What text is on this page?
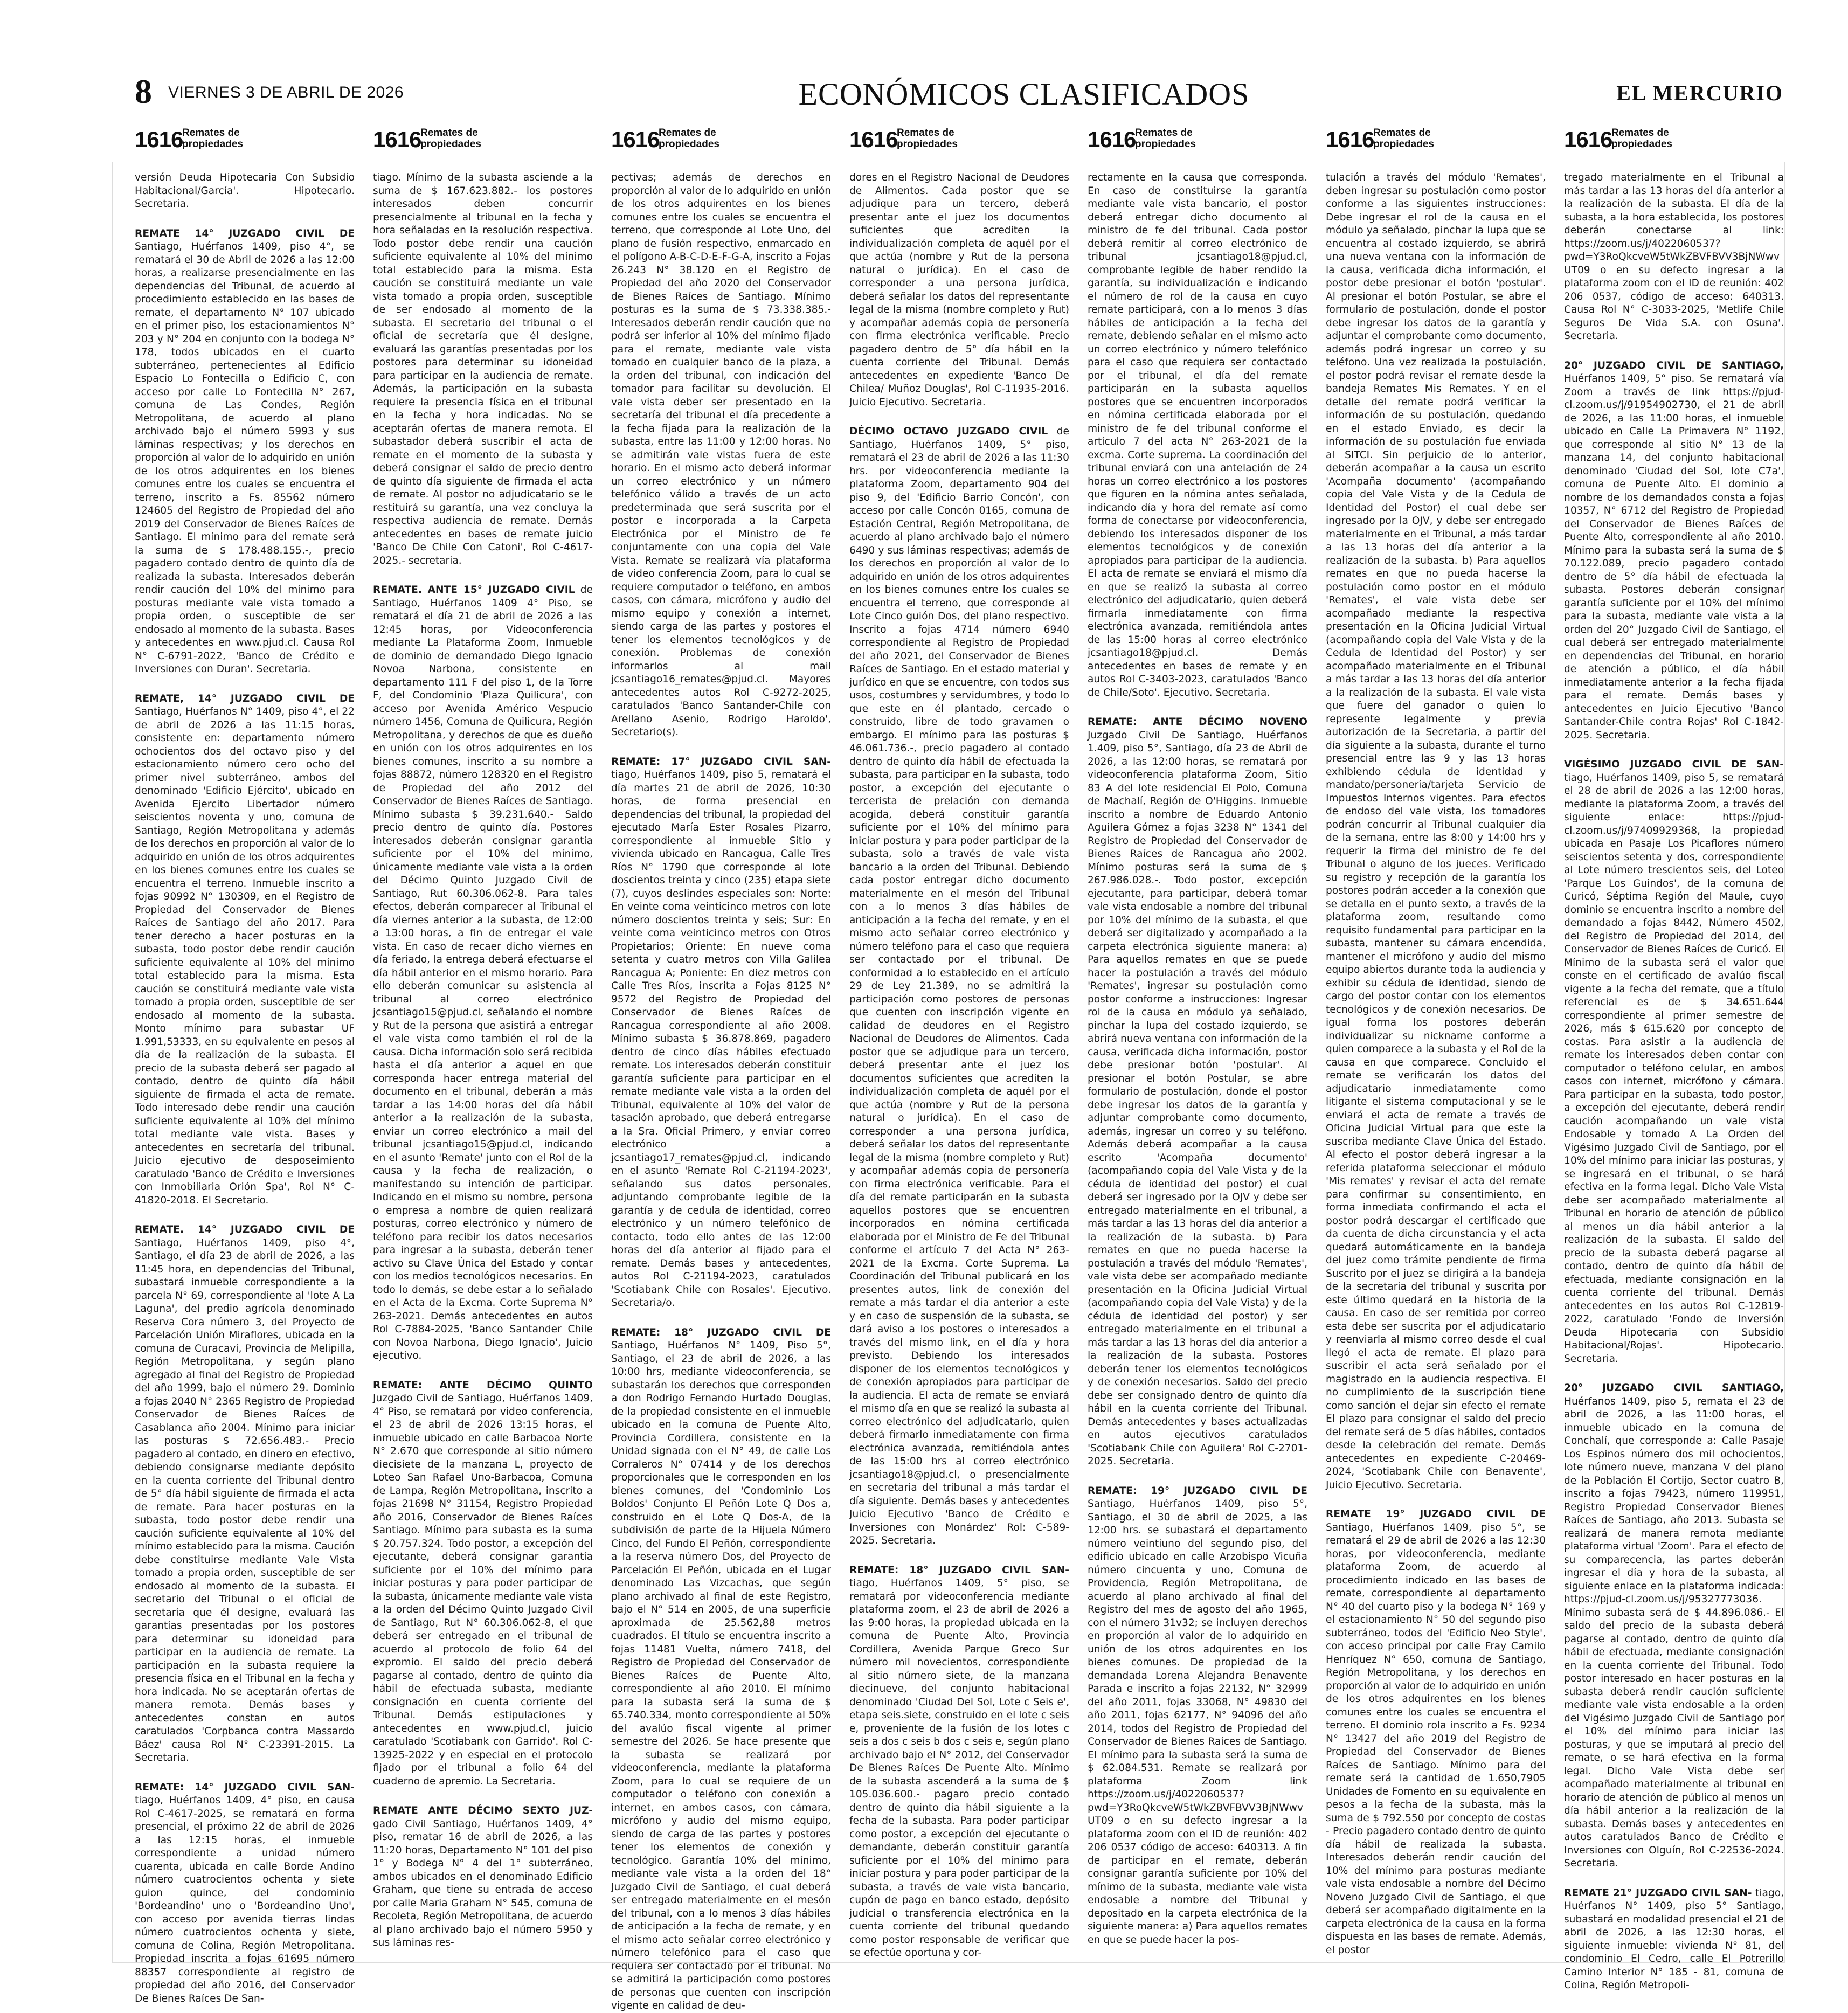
8 VIERNES 3 DE ABRIL DE 2026	ECONÓMICOS CLASIFICADOS	EL MERCURIO
1616
Remates de
propiedades	1616
Remates de
propiedades	1616
Remates de
propiedades	1616
Remates de
propiedades	1616
Remates de
propiedades	1616
Remates de
propiedades	1616
Remates de
propiedades

versión Deuda Hipotecaria Con Subsidio Habitacional/García'. Hipotecario. Secretaria.

REMATE 14° JUZGADO CIVIL DE Santiago, Huérfanos 1409, piso 4°, se rematará el 30 de Abril de 2026 a las 12:00 horas, a realizarse presencialmente en las dependencias del Tribunal, de acuerdo al procedimiento establecido en las bases de remate, el departamento N° 107 ubicado en el primer piso, los estacionamientos N° 203 y N° 204 en conjunto con la bodega N° 178, todos ubicados en el cuarto subterráneo, pertenecientes al Edificio Espacio Lo Fontecilla o Edificio C, con acceso por calle Lo Fontecilla N° 267, comuna de Las Condes, Región Metropolitana, de acuerdo al plano archivado bajo el número 5993 y sus láminas respectivas; y los derechos en proporción al valor de lo adquirido en unión de los otros adquirentes en los bienes comunes entre los cuales se encuentra el terreno, inscrito a Fs. 85562 número 124605 del Registro de Propiedad del año 2019 del Conservador de Bienes Raíces de Santiago. El mínimo para del remate será la suma de $ 178.488.155.-, precio pagadero contado dentro de quinto día de realizada la subasta. Interesados deberán rendir caución del 10% del mínimo para posturas mediante vale vista tomado a propia orden, o susceptible de ser endosado al momento de la subasta. Bases y antecedentes en www.pjud.cl. Causa Rol N° C-6791-2022, 'Banco de Crédito e Inversiones con Duran'. Secretaria.

REMATE, 14° JUZGADO CIVIL DE Santiago, Huérfanos N° 1409, piso 4°, el 22 de abril de 2026 a las 11:15 horas, consistente en: departamento número ochocientos dos del octavo piso y del estacionamiento número cero ocho del primer nivel subterráneo, ambos del denominado 'Edificio Ejército', ubicado en Avenida Ejercito Libertador número seiscientos noventa y uno, comuna de Santiago, Región Metropolitana y además de los derechos en proporción al valor de lo adquirido en unión de los otros adquirentes en los bienes comunes entre los cuales se encuentra el terreno. Inmueble inscrito a fojas 90992 N° 130309, en el Registro de Propiedad del Conservador de Bienes Raíces de Santiago del año 2017. Para tener derecho a hacer posturas en la subasta, todo postor debe rendir caución suficiente equivalente al 10% del mínimo total establecido para la misma. Esta caución se constituirá mediante vale vista tomado a propia orden, susceptible de ser endosado al momento de la subasta. Monto mínimo para subastar UF 1.991,53333, en su equivalente en pesos al día de la realización de la subasta. El precio de la subasta deberá ser pagado al contado, dentro de quinto día hábil siguiente de firmada el acta de remate. Todo interesado debe rendir una caución suficiente equivalente al 10% del mínimo total mediante vale vista. Bases y antecedentes en secretaría del tribunal. Juicio ejecutivo de desposeimiento caratulado 'Banco de Crédito e Inversiones con Inmobiliaria Orión Spa', Rol N° C-41820-2018. El Secretario.

REMATE. 14° JUZGADO CIVIL DE Santiago, Huérfanos 1409, piso 4°, Santiago, el día 23 de abril de 2026, a las 11:45 hora, en dependencias del Tribunal, subastará inmueble correspondiente a la parcela N° 69, correspondiente al 'lote A La Laguna', del predio agrícola denominado Reserva Cora número 3, del Proyecto de Parcelación Unión Miraflores, ubicada en la comuna de Curacaví, Provincia de Melipilla, Región Metropolitana, y según plano agregado al final del Registro de Propiedad del año 1999, bajo el número 29. Dominio a fojas 2040 N° 2365 Registro de Propiedad Conservador de Bienes Raíces de Casablanca año 2004. Mínimo para iniciar las posturas $ 72.656.483.- Precio pagadero al contado, en dinero en efectivo, debiendo consignarse mediante depósito en la cuenta corriente del Tribunal dentro de 5° día hábil siguiente de firmada el acta de remate. Para hacer posturas en la subasta, todo postor debe rendir una caución suficiente equivalente al 10% del mínimo establecido para la misma. Caución debe constituirse mediante Vale Vista tomado a propia orden, susceptible de ser endosado al momento de la subasta. El secretario del Tribunal o el oficial de secretaría que él designe, evaluará las garantías presentadas por los postores para determinar su idoneidad para participar en la audiencia de remate. La participación en la subasta requiere la presencia física en el Tribunal en la fecha y hora indicada. No se aceptarán ofertas de manera remota. Demás bases y antecedentes constan en autos caratulados 'Corpbanca contra Massardo Báez' causa Rol N° C-23391-2015. La Secretaria.

REMATE: 14° JUZGADO CIVIL SAN- tiago, Huérfanos 1409, 4° piso, en causa Rol C-4617-2025, se rematará en forma presencial, el próximo 22 de abril de 2026 a las 12:15 horas, el inmueble correspondiente a unidad número cuarenta, ubicada en calle Borde Andino número cuatrocientos ochenta y siete guion quince, del condominio 'Bordeandino' uno o 'Bordeandino Uno', con acceso por avenida tierras lindas número cuatrocientos ochenta y siete, comuna de Colina, Región Metropolitana. Propiedad inscrita a fojas 61695 número 88357 correspondiente al registro de propiedad del año 2016, del Conservador De Bienes Raíces De San-

tiago. Mínimo de la subasta asciende a la suma de $ 167.623.882.- los postores interesados deben concurrir presencialmente al tribunal en la fecha y hora señaladas en la resolución respectiva. Todo postor debe rendir una caución suficiente equivalente al 10% del mínimo total establecido para la misma. Esta caución se constituirá mediante un vale vista tomado a propia orden, susceptible de ser endosado al momento de la subasta. El secretario del tribunal o el oficial de secretaría que él designe, evaluará las garantías presentadas por los postores para determinar su idoneidad para participar en la audiencia de remate. Además, la participación en la subasta requiere la presencia física en el tribunal en la fecha y hora indicadas. No se aceptarán ofertas de manera remota. El subastador deberá suscribir el acta de remate en el momento de la subasta y deberá consignar el saldo de precio dentro de quinto día siguiente de firmada el acta de remate. Al postor no adjudicatario se le restituirá su garantía, una vez concluya la respectiva audiencia de remate. Demás antecedentes en bases de remate juicio 'Banco De Chile Con Catoni', Rol C-4617-2025.- secretaria.

REMATE. ANTE 15° JUZGADO CIVIL de Santiago, Huérfanos 1409 4° Piso, se rematará el día 21 de abril de 2026 a las 12:45 horas, por Videoconferencia mediante La Plataforma Zoom, Inmueble de dominio de demandado Diego Ignacio Novoa Narbona, consistente en departamento 111 F del piso 1, de la Torre F, del Condominio 'Plaza Quilicura', con acceso por Avenida Américo Vespucio número 1456, Comuna de Quilicura, Región Metropolitana, y derechos de que es dueño en unión con los otros adquirentes en los bienes comunes, inscrito a su nombre a fojas 88872, número 128320 en el Registro de Propiedad del año 2012 del Conservador de Bienes Raíces de Santiago. Mínimo subasta $ 39.231.640.- Saldo precio dentro de quinto día. Postores interesados deberán consignar garantía suficiente por el 10% del mínimo, únicamente mediante vale vista a la orden del Décimo Quinto Juzgado Civil de Santiago, Rut 60.306.062-8. Para tales efectos, deberán comparecer al Tribunal el día viernes anterior a la subasta, de 12:00 a 13:00 horas, a fin de entregar el vale vista. En caso de recaer dicho viernes en día feriado, la entrega deberá efectuarse el día hábil anterior en el mismo horario. Para ello deberán comunicar su asistencia al tribunal al correo electrónico jcsantiago15@pjud.cl, señalando el nombre y Rut de la persona que asistirá a entregar el vale vista como también el rol de la causa. Dicha información solo será recibida hasta el día anterior a aquel en que corresponda hacer entrega material del documento en el tribunal, deberán a más tardar a las 14:00 horas del día hábil anterior a la realización de la subasta, enviar un correo electrónico a mail del tribunal jcsantiago15@pjud.cl, indicando en el asunto 'Remate' junto con el Rol de la causa y la fecha de realización, o manifestando su intención de participar. Indicando en el mismo su nombre, persona o empresa a nombre de quien realizará posturas, correo electrónico y número de teléfono para recibir los datos necesarios para ingresar a la subasta, deberán tener activo su Clave Única del Estado y contar con los medios tecnológicos necesarios. En todo lo demás, se debe estar a lo señalado en el Acta de la Excma. Corte Suprema N° 263-2021. Demás antecedentes en autos Rol C-7884-2025, 'Banco Santander Chile con Novoa Narbona, Diego Ignacio', Juicio ejecutivo.

REMATE: ANTE DÉCIMO QUINTO Juzgado Civil de Santiago, Huérfanos 1409, 4° Piso, se rematará por video conferencia, el 23 de abril de 2026 13:15 horas, el inmueble ubicado en calle Barbacoa Norte N° 2.670 que corresponde al sitio número diecisiete de la manzana L, proyecto de Loteo San Rafael Uno-Barbacoa, Comuna de Lampa, Región Metropolitana, inscrito a fojas 21698 N° 31154, Registro Propiedad año 2016, Conservador de Bienes Raíces Santiago. Mínimo para subasta es la suma $ 20.757.324. Todo postor, a excepción del ejecutante, deberá consignar garantía suficiente por el 10% del mínimo para iniciar posturas y para poder participar de la subasta, únicamente mediante vale vista a la orden del Décimo Quinto Juzgado Civil de Santiago, Rut N° 60.306.062-8, el que deberá ser entregado en el tribunal de acuerdo al protocolo de folio 64 del expromio. El saldo del precio deberá pagarse al contado, dentro de quinto día hábil de efectuada subasta, mediante consignación en cuenta corriente del Tribunal. Demás estipulaciones y antecedentes en www.pjud.cl, juicio caratulado 'Scotiabank con Garrido'. Rol C-13925-2022 y en especial en el protocolo fijado por el tribunal a folio 64 del cuaderno de apremio. La Secretaria.

REMATE ANTE DÉCIMO SEXTO JUZ- gado Civil Santiago, Huérfanos 1409, 4° piso, rematar 16 de abril de 2026, a las 11:20 horas, Departamento N° 101 del piso 1° y Bodega N° 4 del 1° subterráneo, ambos ubicados en el denominado Edificio Graham, que tiene su entrada de acceso por calle Maria Graham N° 545, comuna de Recoleta, Región Metropolitana, de acuerdo al plano archivado bajo el número 5950 y sus láminas res-

pectivas; además de derechos en proporción al valor de lo adquirido en unión de los otros adquirentes en los bienes comunes entre los cuales se encuentra el terreno, que corresponde al Lote Uno, del plano de fusión respectivo, enmarcado en el polígono A-B-C-D-E-F-G-A, inscrito a Fojas 26.243 N° 38.120 en el Registro de Propiedad del año 2020 del Conservador de Bienes Raíces de Santiago. Mínimo posturas es la suma de $ 73.338.385.- Interesados deberán rendir caución que no podrá ser inferior al 10% del mínimo fijado para el remate, mediante vale vista tomado en cualquier banco de la plaza, a la orden del tribunal, con indicación del tomador para facilitar su devolución. El vale vista deber ser presentado en la secretaría del tribunal el día precedente a la fecha fijada para la realización de la subasta, entre las 11:00 y 12:00 horas. No se admitirán vale vistas fuera de este horario. En el mismo acto deberá informar un correo electrónico y un número telefónico válido a través de un acto predeterminada que será suscrita por el postor e incorporada a la Carpeta Electrónica por el Ministro de fe conjuntamente con una copia del Vale Vista. Remate se realizará vía plataforma de video conferencia Zoom, para lo cual se requiere computador o teléfono, en ambos casos, con cámara, micrófono y audio del mismo equipo y conexión a internet, siendo carga de las partes y postores el tener los elementos tecnológicos y de conexión. Problemas de conexión informarlos al mail jcsantiago16_remates@pjud.cl. Mayores antecedentes autos Rol C-9272-2025, caratulados 'Banco Santander-Chile con Arellano Asenio, Rodrigo Haroldo', Secretario(s).

REMATE: 17° JUZGADO CIVIL SAN- tiago, Huérfanos 1409, piso 5, rematará el día martes 21 de abril de 2026, 10:30 horas, de forma presencial en dependencias del tribunal, la propiedad del ejecutado María Ester Rosales Pizarro, correspondiente al inmueble Sitio y vivienda ubicado en Rancagua, Calle Tres Ríos N° 1790 que corresponde al lote doscientos treinta y cinco (235) etapa siete (7), cuyos deslindes especiales son: Norte: En veinte coma veinticinco metros con lote número doscientos treinta y seis; Sur: En veinte coma veinticinco metros con Otros Propietarios; Oriente: En nueve coma setenta y cuatro metros con Villa Galilea Rancagua A; Poniente: En diez metros con Calle Tres Ríos, inscrita a Fojas 8125 N° 9572 del Registro de Propiedad del Conservador de Bienes Raíces de Rancagua correspondiente al año 2008. Mínimo subasta $ 36.878.869, pagadero dentro de cinco días hábiles efectuado remate. Los interesados deberán constituir garantía suficiente para participar en el remate mediante vale vista a la orden del Tribunal, equivalente al 10% del valor de tasación aprobado, que deberá entregarse a la Sra. Oficial Primero, y enviar correo electrónico a jcsantiago17_remates@pjud.cl, indicando en el asunto 'Remate Rol C-21194-2023', señalando sus datos personales, adjuntando comprobante legible de la garantía y de cedula de identidad, correo electrónico y un número telefónico de contacto, todo ello antes de las 12:00 horas del día anterior al fijado para el remate. Demás bases y antecedentes, autos Rol C-21194-2023, caratulados 'Scotiabank Chile con Rosales'. Ejecutivo. Secretaria/o.

REMATE: 18° JUZGADO CIVIL DE Santiago, Huérfanos N° 1409, Piso 5°, Santiago, el 23 de abril de 2026, a las 10:00 hrs, mediante videoconferencia, se subastarán los derechos que corresponden a don Rodrigo Fernando Hurtado Douglas, de la propiedad consistente en el inmueble ubicado en la comuna de Puente Alto, Provincia Cordillera, consistente en la Unidad signada con el N° 49, de calle Los Corraleros N° 07414 y de los derechos proporcionales que le corresponden en los bienes comunes, del 'Condominio Los Boldos' Conjunto El Peñón Lote Q Dos a, construido en el Lote Q Dos-A, de la subdivisión de parte de la Hijuela Número Cinco, del Fundo El Peñón, correspondiente a la reserva número Dos, del Proyecto de Parcelación El Peñón, ubicada en el Lugar denominado Las Vizcachas, que según plano archivado al final de este Registro, bajo el N° 514 en 2005, de una superficie aproximada de 25.562,88 metros cuadrados. El título se encuentra inscrito a fojas 11481 Vuelta, número 7418, del Registro de Propiedad del Conservador de Bienes Raíces de Puente Alto, correspondiente al año 2010. El mínimo para la subasta será la suma de $ 65.740.334, monto correspondiente al 50% del avalúo fiscal vigente al primer semestre del 2026. Se hace presente que la subasta se realizará por videoconferencia, mediante la plataforma Zoom, para lo cual se requiere de un computador o teléfono con conexión a internet, en ambos casos, con cámara, micrófono y audio del mismo equipo, siendo de carga de las partes y postores tener los elementos de conexión y tecnológico. Garantía 10% del mínimo, mediante vale vista a la orden del 18° Juzgado Civil de Santiago, el cual deberá ser entregado materialmente en el mesón del tribunal, con a lo menos 3 días hábiles de anticipación a la fecha de remate, y en el mismo acto señalar correo electrónico y número telefónico para el caso que requiera ser contactado por el tribunal. No se admitirá la participación como postores de personas que cuenten con inscripción vigente en calidad de deu-

dores en el Registro Nacional de Deudores de Alimentos. Cada postor que se adjudique para un tercero, deberá presentar ante el juez los documentos suficientes que acrediten la individualización completa de aquél por el que actúa (nombre y Rut de la persona natural o jurídica). En el caso de corresponder a una persona jurídica, deberá señalar los datos del representante legal de la misma (nombre completo y Rut) y acompañar además copia de personería con firma electrónica verificable. Precio pagadero dentro de 5° día hábil en la cuenta corriente del Tribunal. Demás antecedentes en expediente 'Banco De Chilea/ Muñoz Douglas', Rol C-11935-2016. Juicio Ejecutivo. Secretaria.

DÉCIMO OCTAVO JUZGADO CIVIL de Santiago, Huérfanos 1409, 5° piso, rematará el 23 de abril de 2026 a las 11:30 hrs. por videoconferencia mediante la plataforma Zoom, departamento 904 del piso 9, del 'Edificio Barrio Concón', con acceso por calle Concón 0165, comuna de Estación Central, Región Metropolitana, de acuerdo al plano archivado bajo el número 6490 y sus láminas respectivas; además de los derechos en proporción al valor de lo adquirido en unión de los otros adquirentes en los bienes comunes entre los cuales se encuentra el terreno, que corresponde al Lote Cinco guión Dos, del plano respectivo. Inscrito a fojas 4714 número 6940 correspondiente al Registro de Propiedad del año 2021, del Conservador de Bienes Raíces de Santiago. En el estado material y jurídico en que se encuentre, con todos sus usos, costumbres y servidumbres, y todo lo que este en él plantado, cercado o construido, libre de todo gravamen o embargo. El mínimo para las posturas $ 46.061.736.-, precio pagadero al contado dentro de quinto día hábil de efectuada la subasta, para participar en la subasta, todo postor, a excepción del ejecutante o tercerista de prelación con demanda acogida, deberá constituir garantía suficiente por el 10% del mínimo para iniciar postura y para poder participar de la subasta, solo a través de vale vista bancario a la orden del Tribunal. Debiendo cada postor entregar dicho documento materialmente en el mesón del Tribunal con a lo menos 3 días hábiles de anticipación a la fecha del remate, y en el mismo acto señalar correo electrónico y número teléfono para el caso que requiera ser contactado por el tribunal. De conformidad a lo establecido en el artículo 29 de Ley 21.389, no se admitirá la participación como postores de personas que cuenten con inscripción vigente en calidad de deudores en el Registro Nacional de Deudores de Alimentos. Cada postor que se adjudique para un tercero, deberá presentar ante el juez los documentos suficientes que acrediten la individualización completa de aquél por el que actúa (nombre y Rut de la persona natural o jurídica). En el caso de corresponder a una persona jurídica, deberá señalar los datos del representante legal de la misma (nombre completo y Rut) y acompañar además copia de personería con firma electrónica verificable. Para el día del remate participarán en la subasta aquellos postores que se encuentren incorporados en nómina certificada elaborada por el Ministro de Fe del Tribunal conforme el artículo 7 del Acta N° 263-2021 de la Excma. Corte Suprema. La Coordinación del Tribunal publicará en los presentes autos, link de conexión del remate a más tardar el día anterior a este y en caso de suspensión de la subasta, se dará aviso a los postores o interesados a través del mismo link, en el día y hora previsto. Debiendo los interesados disponer de los elementos tecnológicos y de conexión apropiados para participar de la audiencia. El acta de remate se enviará el mismo día en que se realizó la subasta al correo electrónico del adjudicatario, quien deberá firmarlo inmediatamente con firma electrónica avanzada, remitiéndola antes de las 15:00 hrs al correo electrónico jcsantiago18@pjud.cl, o presencialmente en secretaria del tribunal a más tardar el día siguiente. Demás bases y antecedentes Juicio Ejecutivo 'Banco de Crédito e Inversiones con Monárdez' Rol: C-589-2025. Secretaria.

REMATE: 18° JUZGADO CIVIL SAN- tiago, Huérfanos 1409, 5° piso, se rematará por videoconferencia mediante plataforma zoom, el 23 de abril de 2026 a las 9:00 horas, la propiedad ubicada en la comuna de Puente Alto, Provincia Cordillera, Avenida Parque Greco Sur número mil novecientos, correspondiente al sitio número siete, de la manzana diecinueve, del conjunto habitacional denominado 'Ciudad Del Sol, Lote c Seis e', etapa seis.siete, construido en el lote c seis e, proveniente de la fusión de los lotes c seis a dos c seis b dos c seis e, según plano archivado bajo el N° 2012, del Conservador De Bienes Raíces De Puente Alto. Mínimo de la subasta ascenderá a la suma de $ 105.036.600.- pagaro precio contado dentro de quinto día hábil siguiente a la fecha de la subasta. Para poder participar como postor, a excepción del ejecutante o demandante, deberán constituir garantía suficiente por el 10% del mínimo para iniciar postura y para poder participar de la subasta, a través de vale vista bancario, cupón de pago en banco estado, depósito judicial o transferencia electrónica en la cuenta corriente del tribunal quedando como postor responsable de verificar que se efectúe oportuna y cor-

rectamente en la causa que corresponda. En caso de constituirse la garantía mediante vale vista bancario, el postor deberá entregar dicho documento al ministro de fe del tribunal. Cada postor deberá remitir al correo electrónico de tribunal jcsantiago18@pjud.cl, comprobante legible de haber rendido la garantía, su individualización e indicando el número de rol de la causa en cuyo remate participará, con a lo menos 3 días hábiles de anticipación a la fecha del remate, debiendo señalar en el mismo acto un correo electrónico y número telefónico para el caso que requiera ser contactado por el tribunal, el día del remate participarán en la subasta aquellos postores que se encuentren incorporados en nómina certificada elaborada por el ministro de fe del tribunal conforme el artículo 7 del acta N° 263-2021 de la excma. Corte suprema. La coordinación del tribunal enviará con una antelación de 24 horas un correo electrónico a los postores que figuren en la nómina antes señalada, indicando día y hora del remate así como forma de conectarse por videoconferencia, debiendo los interesados disponer de los elementos tecnológicos y de conexión apropiados para participar de la audiencia. El acta de remate se enviará el mismo día en que se realizó la subasta al correo electrónico del adjudicatario, quien deberá firmarla inmediatamente con firma electrónica avanzada, remitiéndola antes de las 15:00 horas al correo electrónico jcsantiago18@pjud.cl. Demás antecedentes en bases de remate y en autos Rol C-3403-2023, caratulados 'Banco de Chile/Soto'. Ejecutivo. Secretaria.

REMATE: ANTE DÉCIMO NOVENO Juzgado Civil De Santiago, Huérfanos 1.409, piso 5°, Santiago, día 23 de Abril de 2026, a las 12:00 horas, se rematará por videoconferencia plataforma Zoom, Sitio 83 A del lote residencial El Polo, Comuna de Machalí, Región de O'Higgins. Inmueble inscrito a nombre de Eduardo Antonio Aguilera Gómez a fojas 3238 N° 1341 del Registro de Propiedad del Conservador de Bienes Raíces de Rancagua año 2002. Mínimo posturas será la suma de $ 267.986.028.-. Todo postor, excepción ejecutante, para participar, deberá tomar vale vista endosable a nombre del tribunal por 10% del mínimo de la subasta, el que deberá ser digitalizado y acompañado a la carpeta electrónica siguiente manera: a) Para aquellos remates en que se puede hacer la postulación a través del módulo 'Remates', ingresar su postulación como postor conforme a instrucciones: Ingresar rol de la causa en módulo ya señalado, pinchar la lupa del costado izquierdo, se abrirá nueva ventana con información de la causa, verificada dicha información, postor debe presionar botón 'postular'. Al presionar el botón Postular, se abre formulario de postulación, donde el postor debe ingresar los datos de la garantía y adjuntar comprobante como documento, además, ingresar un correo y su teléfono. Además deberá acompañar a la causa escrito 'Acompaña documento' (acompañando copia del Vale Vista y de la cédula de identidad del postor) el cual deberá ser ingresado por la OJV y debe ser entregado materialmente en el tribunal, a más tardar a las 13 horas del día anterior a la realización de la subasta. b) Para remates en que no pueda hacerse la postulación a través del módulo 'Remates', vale vista debe ser acompañado mediante presentación en la Oficina Judicial Virtual (acompañando copia del Vale Vista) y de la cédula de identidad del postor) y ser entregado materialmente en el tribunal a más tardar a las 13 horas del día anterior a la realización de la subasta. Postores deberán tener los elementos tecnológicos y de conexión necesarios. Saldo del precio debe ser consignado dentro de quinto día hábil en la cuenta corriente del Tribunal. Demás antecedentes y bases actualizadas en autos ejecutivos caratulados 'Scotiabank Chile con Aguilera' Rol C-2701-2025. Secretaria.

REMATE: 19° JUZGADO CIVIL DE Santiago, Huérfanos 1409, piso 5°, Santiago, el 30 de abril de 2025, a las 12:00 hrs. se subastará el departamento número veintiuno del segundo piso, del edificio ubicado en calle Arzobispo Vicuña número cincuenta y uno, Comuna de Providencia, Región Metropolitana, de acuerdo al plano archivado al final del Registro del mes de agosto del año 1965, con el número 31v32; se incluyen derechos en proporción al valor de lo adquirido en unión de los otros adquirentes en los bienes comunes. De propiedad de la demandada Lorena Alejandra Benavente Parada e inscrito a fojas 22132, N° 32999 del año 2011, fojas 33068, N° 49830 del año 2011, fojas 62177, N° 94096 del año 2014, todos del Registro de Propiedad del Conservador de Bienes Raíces de Santiago. El mínimo para la subasta será la suma de $ 62.084.531. Remate se realizará por plataforma Zoom link https://zoom.us/j/4022060537?pwd=Y3RoQkcveW5tWkZBVFBVV3BjNWwvUT09 o en su defecto ingresar a la plataforma zoom con el ID de reunión: 402 206 0537 código de acceso: 640313. A fin de participar en el remate, deberán consignar garantía suficiente por 10% del mínimo de la subasta, mediante vale vista endosable a nombre del Tribunal y depositado en la carpeta electrónica de la siguiente manera: a) Para aquellos remates en que se puede hacer la pos-

tulación a través del módulo 'Remates', deben ingresar su postulación como postor conforme a las siguientes instrucciones: Debe ingresar el rol de la causa en el módulo ya señalado, pinchar la lupa que se encuentra al costado izquierdo, se abrirá una nueva ventana con la información de la causa, verificada dicha información, el postor debe presionar el botón 'postular'. Al presionar el botón Postular, se abre el formulario de postulación, donde el postor debe ingresar los datos de la garantía y adjuntar el comprobante como documento, además podrá ingresar un correo y su teléfono. Una vez realizada la postulación, el postor podrá revisar el remate desde la bandeja Remates Mis Remates. Y en el detalle del remate podrá verificar la información de su postulación, quedando en el estado Enviado, es decir la información de su postulación fue enviada al SITCI. Sin perjuicio de lo anterior, deberán acompañar a la causa un escrito 'Acompaña documento' (acompañando copia del Vale Vista y de la Cedula de Identidad del Postor) el cual debe ser ingresado por la OJV, y debe ser entregado materialmente en el Tribunal, a más tardar a las 13 horas del día anterior a la realización de la subasta. b) Para aquellos remates en que no pueda hacerse la postulación como postor en el módulo 'Remates', el vale vista debe ser acompañado mediante la respectiva presentación en la Oficina Judicial Virtual (acompañando copia del Vale Vista y de la Cedula de Identidad del Postor) y ser acompañado materialmente en el Tribunal a más tardar a las 13 horas del día anterior a la realización de la subasta. El vale vista que fuere del ganador o quien lo represente legalmente y previa autorización de la Secretaria, a partir del día siguiente a la subasta, durante el turno presencial entre las 9 y las 13 horas exhibiendo cédula de identidad y mandato/personería/tarjeta Servicio de Impuestos Internos vigentes. Para efectos de endoso del vale vista, los tomadores podrán concurrir al Tribunal cualquier día de la semana, entre las 8:00 y 14:00 hrs y requerir la firma del ministro de fe del Tribunal o alguno de los jueces. Verificado su registro y recepción de la garantía los postores podrán acceder a la conexión que se detalla en el punto sexto, a través de la plataforma zoom, resultando como requisito fundamental para participar en la subasta, mantener su cámara encendida, mantener el micrófono y audio del mismo equipo abiertos durante toda la audiencia y exhibir su cédula de identidad, siendo de cargo del postor contar con los elementos tecnológicos y de conexión necesarios. De igual forma los postores deberán individualizar su nickname conforme a quien comparece a la subasta y el Rol de la causa en que comparece. Concluido el remate se verificarán los datos del adjudicatario inmediatamente como litigante el sistema computacional y se le enviará el acta de remate a través de Oficina Judicial Virtual para que este la suscriba mediante Clave Única del Estado. Al efecto el postor deberá ingresar a la referida plataforma seleccionar el módulo 'Mis remates' y revisar el acta del remate para confirmar su consentimiento, en forma inmediata confirmando el acta el postor podrá descargar el certificado que da cuenta de dicha circunstancia y el acta quedará automáticamente en la bandeja del juez como trámite pendiente de firma Suscrito por el juez se dirigirá a la bandeja de la secretaria del tribunal y suscrita por este último quedará en la historia de la causa. En caso de ser remitida por correo esta debe ser suscrita por el adjudicatario y reenviarla al mismo correo desde el cual llegó el acta de remate. El plazo para suscribir el acta será señalado por el magistrado en la audiencia respectiva. El no cumplimiento de la suscripción tiene como sanción el dejar sin efecto el remate El plazo para consignar el saldo del precio del remate será de 5 días hábiles, contados desde la celebración del remate. Demás antecedentes en expediente C-20469-2024, 'Scotiabank Chile con Benavente', Juicio Ejecutivo. Secretaria.

REMATE 19° JUZGADO CIVIL DE Santiago, Huérfanos 1409, piso 5°, se rematará el 29 de abril de 2026 a las 12:30 horas, por videoconferencia, mediante plataforma Zoom, de acuerdo al procedimiento indicado en las bases de remate, correspondiente al departamento N° 40 del cuarto piso y la bodega N° 169 y el estacionamiento N° 50 del segundo piso subterráneo, todos del 'Edificio Neo Style', con acceso principal por calle Fray Camilo Henríquez N° 650, comuna de Santiago, Región Metropolitana, y los derechos en proporción al valor de lo adquirido en unión de los otros adquirentes en los bienes comunes entre los cuales se encuentra el terreno. El dominio rola inscrito a Fs. 9234 N° 13427 del año 2019 del Registro de Propiedad del Conservador de Bienes Raíces de Santiago. Mínimo para del remate será la cantidad de 1.650,7905 Unidades de Fomento en su equivalente en pesos a la fecha de la subasta, más la suma de $ 792.550 por concepto de costas - Precio pagadero contado dentro de quinto día hábil de realizada la subasta. Interesados deberán rendir caución del 10% del mínimo para posturas mediante vale vista endosable a nombre del Décimo Noveno Juzgado Civil de Santiago, el que deberá ser acompañado digitalmente en la carpeta electrónica de la causa en la forma dispuesta en las bases de remate. Además, el postor

tregado materialmente en el Tribunal a más tardar a las 13 horas del día anterior a la realización de la subasta. El día de la subasta, a la hora establecida, los postores deberán conectarse al link: https://zoom.us/j/4022060537?pwd=Y3RoQkcveW5tWkZBVFBVV3BjNWwvUT09 o en su defecto ingresar a la plataforma zoom con el ID de reunión: 402 206 0537, código de acceso: 640313. Causa Rol N° C-3033-2025, 'Metlife Chile Seguros De Vida S.A. con Osuna'. Secretaria.

20° JUZGADO CIVIL DE SANTIAGO, Huérfanos 1409, 5° piso. Se rematará vía Zoom a través de link https://pjud-cl.zoom.us/j/91954902730, el 21 de abril de 2026, a las 11:00 horas, el inmueble ubicado en Calle La Primavera N° 1192, que corresponde al sitio N° 13 de la manzana 14, del conjunto habitacional denominado 'Ciudad del Sol, lote C7a', comuna de Puente Alto. El dominio a nombre de los demandados consta a fojas 10357, N° 6712 del Registro de Propiedad del Conservador de Bienes Raíces de Puente Alto, correspondiente al año 2010. Mínimo para la subasta será la suma de $ 70.122.089, precio pagadero contado dentro de 5° día hábil de efectuada la subasta. Postores deberán consignar garantía suficiente por el 10% del mínimo para la subasta, mediante vale vista a la orden del 20° Juzgado Civil de Santiago, el cual deberá ser entregado materialmente en dependencias del Tribunal, en horario de atención a público, el día hábil inmediatamente anterior a la fecha fijada para el remate. Demás bases y antecedentes en Juicio Ejecutivo 'Banco Santander-Chile contra Rojas' Rol C-1842-2025. Secretaria.

VIGÉSIMO JUZGADO CIVIL DE SAN- tiago, Huérfanos 1409, piso 5, se rematará el 28 de abril de 2026 a las 12:00 horas, mediante la plataforma Zoom, a través del siguiente enlace: https://pjud-cl.zoom.us/j/97409929368, la propiedad ubicada en Pasaje Los Picaflores número seiscientos setenta y dos, correspondiente al Lote número trescientos seis, del Loteo 'Parque Los Guindos', de la comuna de Curicó, Séptima Región del Maule, cuyo dominio se encuentra inscrito a nombre del demandado a fojas 8442, Número 4502, del Registro de Propiedad del 2014, del Conservador de Bienes Raíces de Curicó. El Mínimo de la subasta será el valor que conste en el certificado de avalúo fiscal vigente a la fecha del remate, que a título referencial es de $ 34.651.644 correspondiente al primer semestre de 2026, más $ 615.620 por concepto de costas. Para asistir a la audiencia de remate los interesados deben contar con computador o teléfono celular, en ambos casos con internet, micrófono y cámara. Para participar en la subasta, todo postor, a excepción del ejecutante, deberá rendir caución acompañando un vale vista Endosable y tomado A La Orden del Vigésimo Juzgado Civil de Santiago, por el 10% del mínimo para iniciar las posturas, y se ingresará en el tribunal, o se hará efectiva en la forma legal. Dicho Vale Vista debe ser acompañado materialmente al Tribunal en horario de atención de público al menos un día hábil anterior a la realización de la subasta. El saldo del precio de la subasta deberá pagarse al contado, dentro de quinto día hábil de efectuada, mediante consignación en la cuenta corriente del tribunal. Demás antecedentes en los autos Rol C-12819-2022, caratulado 'Fondo de Inversión Deuda Hipotecaria con Subsidio Habitacional/Rojas'. Hipotecario. Secretaria.

20° JUZGADO CIVIL SANTIAGO, Huérfanos 1409, piso 5, remata el 23 de abril de 2026, a las 11:00 horas, el inmueble ubicado en la comuna de Conchalí, que corresponde a: Calle Pasaje Los Espinos número dos mil ochocientos, lote número nueve, manzana V del plano de la Población El Cortijo, Sector cuatro B, inscrito a fojas 79423, número 119951, Registro Propiedad Conservador Bienes Raíces de Santiago, año 2013. Subasta se realizará de manera remota mediante plataforma virtual 'Zoom'. Para el efecto de su comparecencia, las partes deberán ingresar el día y hora de la subasta, al siguiente enlace en la plataforma indicada: https://pjud-cl.zoom.us/j/95327773036. Mínimo subasta será de $ 44.896.086.- El saldo del precio de la subasta deberá pagarse al contado, dentro de quinto día hábil de efectuada, mediante consignación en la cuenta corriente del Tribunal. Todo postor interesado en hacer posturas en la subasta deberá rendir caución suficiente mediante vale vista endosable a la orden del Vigésimo Juzgado Civil de Santiago por el 10% del mínimo para iniciar las posturas, y que se imputará al precio del remate, o se hará efectiva en la forma legal. Dicho Vale Vista debe ser acompañado materialmente al tribunal en horario de atención de público al menos un día hábil anterior a la realización de la subasta. Demás bases y antecedentes en autos caratulados Banco de Crédito e Inversiones con Olguín, Rol C-22536-2024. Secretaria.

REMATE 21° JUZGADO CIVIL SAN- tiago, Huérfanos N° 1409, piso 5° Santiago, subastará en modalidad presencial el 21 de abril de 2026, a las 12:30 horas, el siguiente inmueble: vivienda N° 81, del condominio El Cedro, calle El Potrerillo Camino Interior N° 185 - 81, comuna de Colina, Región Metropoli-
